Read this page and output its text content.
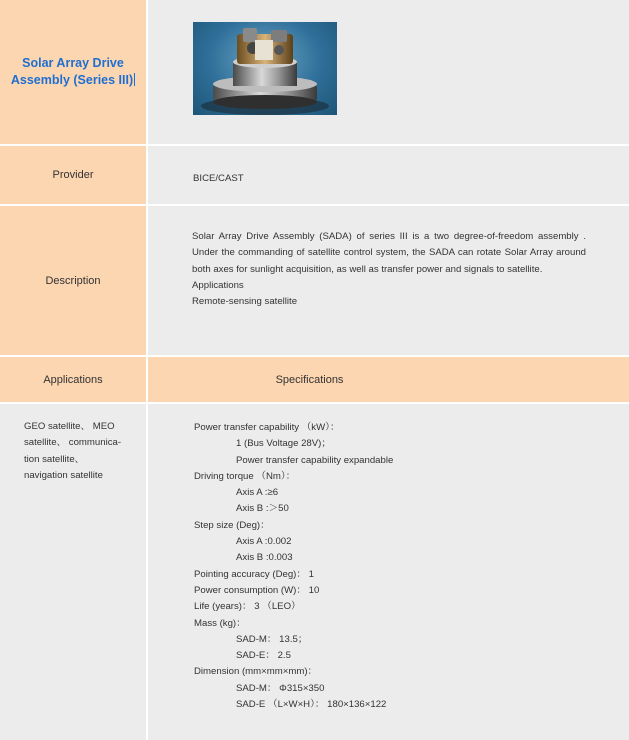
Solar Array Drive
Assembly (Series III)
Provider	BICE/CAST
Description

Solar Array Drive Assembly (SADA) of series III is a two degree-of-freedom assembly . Under the commanding of satellite control system, the SADA can rotate Solar Array around both axes for sunlight acquisition, as well as transfer power and signals to satellite.

Applications

Remote-sensing satellite

Applications	Specifications
GEO satellite、 MEO
satellite、 communica-
tion satellite、
navigation satellite
Power transfer capability （kW）：
1 (Bus Voltage 28V)；
Power transfer capability expandable
Driving torque （Nm）：
Axis A :≥6
Axis B :＞50
Step size (Deg)：
Axis A :0.002
Axis B :0.003
Pointing accuracy (Deg)： 1
Power consumption (W)： 10
Life (years)： 3 （LEO）
Mass (kg)：
SAD-M： 13.5；
SAD-E： 2.5
Dimension (mm×mm×mm)：
SAD-M： Φ315×350
SAD-E （L×W×H）： 180×136×122
